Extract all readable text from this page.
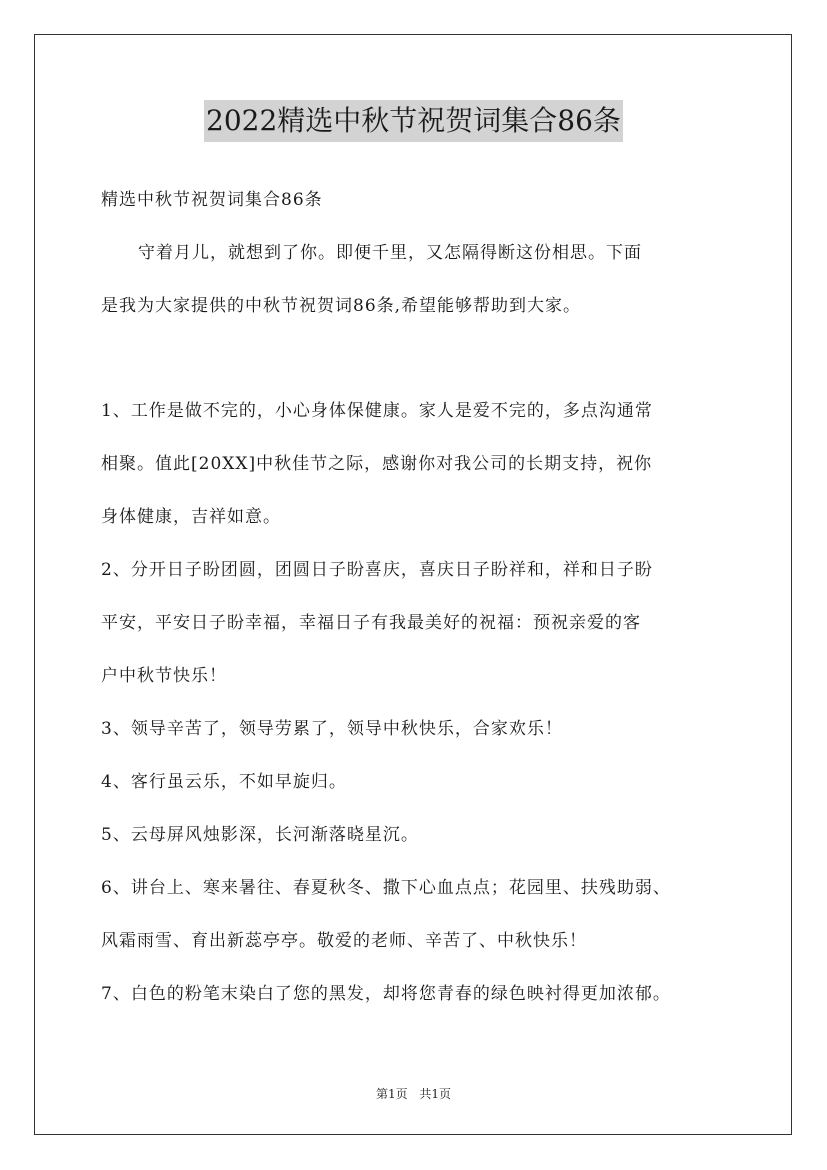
2022精选中秋节祝贺词集合86条

精选中秋节祝贺词集合86条

守着月儿，就想到了你。即便千里，又怎隔得断这份相思。下面
是我为大家提供的中秋节祝贺词86条,希望能够帮助到大家。
1、工作是做不完的，小心身体保健康。家人是爱不完的，多点沟通常
相聚。值此[20XX]中秋佳节之际，感谢你对我公司的长期支持，祝你
身体健康，吉祥如意。
2、分开日子盼团圆，团圆日子盼喜庆，喜庆日子盼祥和，祥和日子盼
平安，平安日子盼幸福，幸福日子有我最美好的祝福：预祝亲爱的客
户中秋节快乐！
3、领导辛苦了，领导劳累了，领导中秋快乐，合家欢乐！
4、客行虽云乐，不如早旋归。
5、云母屏风烛影深，长河渐落晓星沉。
6、讲台上、寒来暑往、春夏秋冬、撒下心血点点；花园里、扶残助弱、
风霜雨雪、育出新蕊亭亭。敬爱的老师、辛苦了、中秋快乐！
7、白色的粉笔末染白了您的黑发，却将您青春的绿色映衬得更加浓郁。
第1页 共1页
